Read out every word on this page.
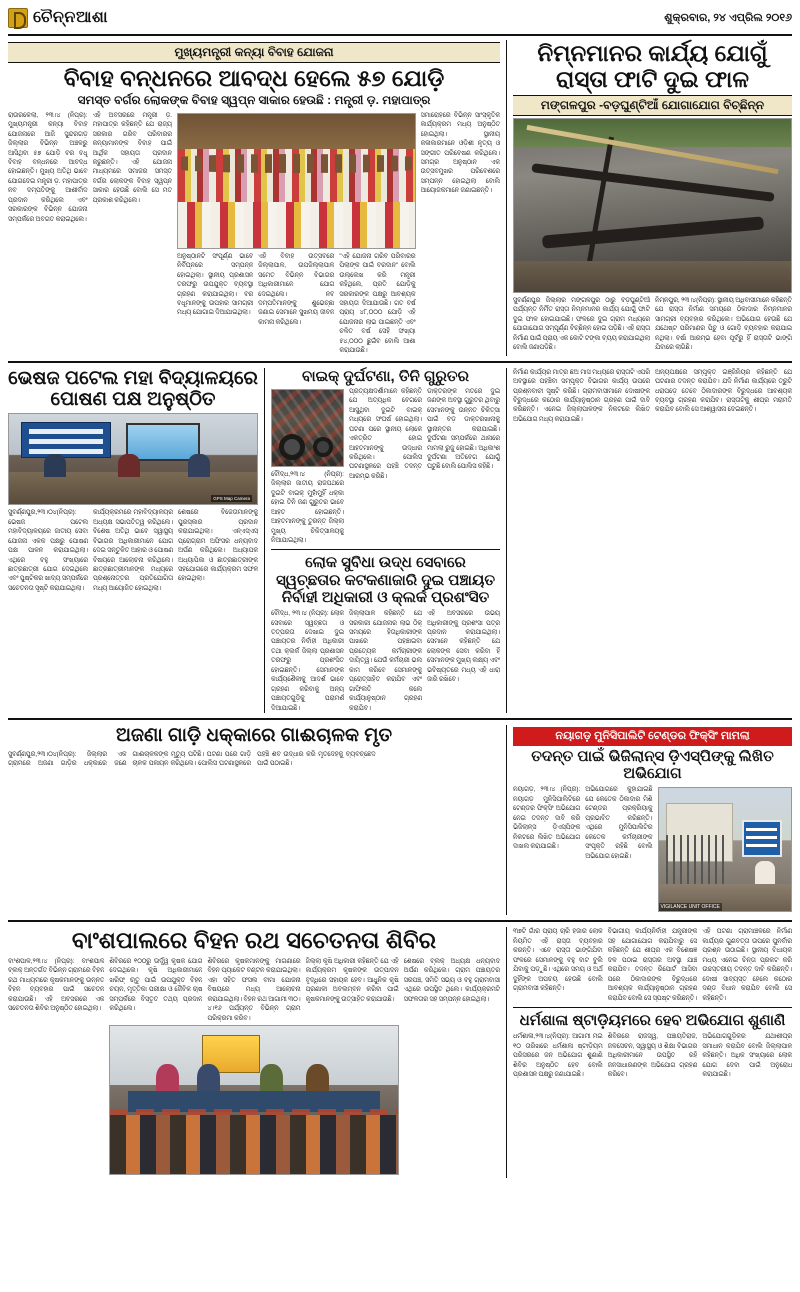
ଚୈନ୍ନଆଶା	ଶୁକ୍ରବାର, ୨୪ ଏପ୍ରିଲ ୨୦୧୬
ମୁଖ୍ୟମନ୍ତ୍ରୀ କନ୍ୟା ବିବାହ ଯୋଜନା
ବିବାହ ବନ୍ଧନରେ ଆବଦ୍ଧ ହେଲେ ୫୭ ଯୋଡ଼ି
ସମସ୍ତ ବର୍ଗର ଲୋକଙ୍କ ବିବାହ ସ୍ୱପ୍ନ ସାକାର ହେଉଛି : ମନ୍ତ୍ରୀ ଡ଼. ମହାପାତ୍ର
ରାଉରକେଲା, ୨୩।୪ (ନିପ୍ର): ମୁଖ୍ୟମନ୍ତ୍ରୀ କନ୍ୟା ବିବାହ ଯୋଜନାରେ ଆଜି ସୁନ୍ଦରଗଡ଼ ଜିଲ୍ଲାର ବିଭିନ୍ନ ଅଞ୍ଚଳରୁ ଆସିଥିବା ୫୭ ଯୋଡ଼ି ବର ବଧୂ ବିବାହ ବନ୍ଧନରେ ଆବଦ୍ଧ ହୋଇଛନ୍ତି। ମୁଖ୍ୟ ଅତିଥି ଭାବେ ଯୋଗଦେଇ ମନ୍ତ୍ରୀ ଡ଼. ମହାପାତ୍ର ନବ ଦମ୍ପତିଙ୍କୁ ଆଶୀର୍ବାଦ ପ୍ରଦାନ କରିଥିଲେ ଏବଂ ସରକାରଙ୍କ ବିଭିନ୍ନ ଯୋଜନା ସମ୍ପର୍କରେ ଅବଗତ କରାଇଥିଲେ।
ଏହି ଅବସରରେ ମନ୍ତ୍ରୀ ଡ଼. ମହାପାତ୍ର କହିଛନ୍ତି ଯେ ରାଜ୍ୟ ସରକାର ଗରିବ ପରିବାରର କନ୍ୟାମାନଙ୍କ ବିବାହ ପାଇଁ ଆର୍ଥିକ ସହାୟତା ପ୍ରଦାନ କରୁଛନ୍ତି। ଏହି ଯୋଜନା ମାଧ୍ୟମରେ ସମାଜର ସମସ୍ତ ବର୍ଗର ଲୋକଙ୍କ ବିବାହ ସ୍ୱପ୍ନ ସାକାର ହେଉଛି ବୋଲି ସେ ମତ ପ୍ରକାଶ କରିଥିଲେ।
ଅନୁଷ୍ଠାନଟି ସଂପୂର୍ଣ୍ଣ ଭାବେ ନିର୍ବିଘ୍ନରେ ସମ୍ପନ୍ନ ହୋଇଥିଲା। ସ୍ଥାନୀୟ ପ୍ରଶାସନ ତରଫରୁ ଉପଯୁକ୍ତ ବ୍ୟବସ୍ଥା ଗ୍ରହଣ କରାଯାଇଥିଲା। ବର ବଧୂମାନଙ୍କୁ ଉପହାର ସାମଗ୍ରୀ ମଧ୍ୟ ଯୋଗାଇ ଦିଆଯାଇଥିଲା।
ଏହି ବିବାହ ଉତ୍ସବରେ ଜିଲ୍ଲାପାଳ, ଉପଜିଲ୍ଲାପାଳ ସମେତ ବିଭିନ୍ନ ବିଭାଗର ଅଧିକାରୀମାନେ ଯୋଗ ଦେଇଥିଲେ। ନବ ଦମ୍ପତିମାନଙ୍କୁ ଶୁଭେଚ୍ଛା ଜଣାଇ ସେମାନେ ସୁଖମୟ ଜୀବନ କାମନା କରିଥିଲେ।
"ଏହି ଯୋଜନା ଗରିବ ପରିବାରର ପିଲାଙ୍କ ପାଇଁ ବରଦାନ" ବୋଲି ଉଲ୍ଲେଖ କରି ମନ୍ତ୍ରୀ କହିଥିଲେ, ପ୍ରତି ଯୋଡ଼ିକୁ ସରକାରଙ୍କ ପକ୍ଷରୁ ଆବଶ୍ୟକ ସହାୟତା ଦିଆଯାଉଛି। ଗତ ବର୍ଷ ପ୍ରାୟ ୪୮,୦୦୦ ଯୋଡ଼ି ଏହି ଯୋଜନାର ଲାଭ ପାଇଛନ୍ତି ଏବଂ ଚଳିତ ବର୍ଷ ସେହି ସଂଖ୍ୟା ୫୪,୦୦୦ ଛୁଇଁବ ବୋଲି ଆଶା କରାଯାଉଛି।
ସମାରୋହରେ ବିଭିନ୍ନ ସାଂସ୍କୃତିକ କାର୍ଯ୍ୟକ୍ରମ ମଧ୍ୟ ଅନୁଷ୍ଠିତ ହୋଇଥିଲା। ସ୍ଥାନୀୟ କଳାକାରମାନେ ଓଡ଼ିଶୀ ନୃତ୍ୟ ଓ ସଙ୍ଗୀତ ପରିବେଷଣ କରିଥିଲେ। ସମଗ୍ର ଅନୁଷ୍ଠାନ ଏକ ଉତ୍ସବମୁଖର ପରିବେଶରେ ସମ୍ପନ୍ନ ହୋଇଥିଲା ବୋଲି ଆୟୋଜକମାନେ ଜଣାଇଛନ୍ତି।
ନିମ୍ନମାନର କାର୍ଯ୍ୟ ଯୋଗୁଁ ରାସ୍ତା ଫାଟି ଦୁଇ ଫାଳ
ମଙ୍ଗଳପୁର -ବଡ଼ଘୁଣ୍ଟିଆଁ ଯୋଗାଯୋଗ ବିଚ୍ଛିନ୍ନ
ସୁବର୍ଣ୍ଣପୁର ଜିଲ୍ଲାର ମଙ୍ଗଳପୁର ଠାରୁ ବଡ଼ଘୁଣ୍ଟିଆଁ ପର୍ଯ୍ୟନ୍ତ ନିର୍ମିତ ରାସ୍ତା ନିମ୍ନମାନର କାର୍ଯ୍ୟ ଯୋଗୁଁ ଫାଟି ଦୁଇ ଫାଳ ହୋଇଯାଇଛି। ଫଳରେ ଦୁଇ ଗ୍ରାମ ମଧ୍ୟରେ ଯୋଗାଯୋଗ ସମ୍ପୂର୍ଣ୍ଣ ବିଚ୍ଛିନ୍ନ ହୋଇ ପଡ଼ିଛି। ଏହି ରାସ୍ତା ନିର୍ମାଣ ପାଇଁ ପ୍ରାୟ ଏକ କୋଟି ଟଙ୍କା ବ୍ୟୟ କରାଯାଇଥିଲା ବୋଲି ଜଣାପଡ଼ିଛି।
ନିମ୍ନପୁର, ୨୩।୪(ନିପ୍ର): ସ୍ଥାନୀୟ ଅଧିବାସୀମାନେ କହିଛନ୍ତି ଯେ ରାସ୍ତା ନିର୍ମାଣ ସମୟରେ ଠିକାଦାର ନିମ୍ନମାନର ସାମଗ୍ରୀ ବ୍ୟବହାର କରିଥିଲେ। ଅଭିଯୋଗ ହେଉଛି ଯେ ଯଥେଷ୍ଟ ପରିମାଣର ପିଚୁ ଓ ଗୋଡ଼ି ବ୍ୟବହାର କରାଯାଇ ନଥିଲା। ବର୍ଷା ଆରମ୍ଭ ହେବା ପୂର୍ବରୁ ହିଁ ରାସ୍ତାଟି ଭାଙ୍ଗି ଯିବାରେ ଲାଗିଛି।
ଭେଷଜ ପଟେଲ ମହା ବିଦ୍ୟାଳୟରେ ପୋଷଣ ପକ୍ଷ ଅନୁଷ୍ଠିତ
GPS Map Camera
ସୁବର୍ଣ୍ଣପୁର,୨୩।୦୪(ନିପ୍ର): ଭେଷଜ ପଟେଲ ମହାବିଦ୍ୟାଳୟରେ ଜାତୀୟ ସେବା ଯୋଜନା ଏକକ ପକ୍ଷରୁ ପୋଷଣ ପକ୍ଷ ପାଳନ କରାଯାଇଥିଲା। ଏଥିରେ ବହୁ ସଂଖ୍ୟାରେ ଛାତ୍ରଛାତ୍ରୀ ଯୋଗ ଦେଇଥିଲେ ଏବଂ ପୁଷ୍ଟିକର ଖାଦ୍ୟ ସମ୍ପର୍କରେ ସଚେତନତା ସୃଷ୍ଟି କରାଯାଇଥିଲା।
କାର୍ଯ୍ୟକ୍ରମରେ ମହାବିଦ୍ୟାଳୟର ଅଧ୍ୟକ୍ଷ ସଭାପତିତ୍ୱ କରିଥିଲେ। ବିଶେଷ ଅତିଥି ଭାବେ ସ୍ୱାସ୍ଥ୍ୟ ବିଭାଗର ଅଧିକାରୀମାନେ ଯୋଗ ଦେଇ ସନ୍ତୁଳିତ ଆହାର ଓ ପୋଷଣ ବିଷୟରେ ଆଲୋଚନା କରିଥିଲେ। ଛାତ୍ରଛାତ୍ରୀମାନଙ୍କ ମଧ୍ୟରେ ପ୍ରଶ୍ନୋତ୍ତର ପ୍ରତିଯୋଗିତା ମଧ୍ୟ ଆୟୋଜିତ ହୋଇଥିଲା।
ଶେଷରେ ବିଜେତାମାନଙ୍କୁ ପୁରସ୍କାର ପ୍ରଦାନ କରାଯାଇଥିଲା। ଏନ୍ଏସ୍ଏସ୍ ପ୍ରୋଗ୍ରାମ ଅଫିସର ଧନ୍ୟବାଦ ଅର୍ପଣ କରିଥିଲେ। ଅଧ୍ୟାପକ ଅଧ୍ୟାପିକା ଓ ଛାତ୍ରଛାତ୍ରୀଙ୍କ ସହଯୋଗରେ କାର୍ଯ୍ୟକ୍ରମ ସଫଳ ହୋଇଥିଲା।
ବାଇକ୍ ଦୁର୍ଘଟଣା, ତିନି ଗୁରୁତର
ବୌଦ୍ଧ,୨୩।୪ (ନିପ୍ର): ଜିଲ୍ଲାର ଜାତୀୟ ରାଜପଥରେ ଦୁଇଟି ବାଇକ୍ ମୁହାଁମୁହିଁ ଧକ୍କା ହୋଇ ତିନି ଜଣ ଗୁରୁତର ଭାବେ ଆହତ ହୋଇଛନ୍ତି। ଆହତମାନଙ୍କୁ ତୁରନ୍ତ ଜିଲ୍ଲା ମୁଖ୍ୟ ଚିକିତ୍ସାଳୟକୁ ନିଆଯାଇଥିଲା।
ପ୍ରତ୍ୟକ୍ଷଦର୍ଶୀମାନେ କହିଛନ୍ତି ଯେ ଅତ୍ୟଧିକ ବେଗରେ ଆସୁଥିବା ଦୁଇଟି ବାଇକ୍ ମଧ୍ୟରେ ସଂଘର୍ଷ ହୋଇଥିଲା। ଘଟଣା ପରେ ସ୍ଥାନୀୟ ଲୋକେ ଏକତ୍ରିତ ହୋଇ ଆହତମାନଙ୍କୁ ଉଦ୍ଧାର କରିଥିଲେ। ପୋଲିସ ଘଟଣାସ୍ଥଳରେ ପହଞ୍ଚି ତଦନ୍ତ ଆରମ୍ଭ କରିଛି।
ଡାକ୍ତରଙ୍କ ମତରେ ଦୁଇ ଜଣଙ୍କ ଅବସ୍ଥା ଗୁରୁତର ଥିବାରୁ ସେମାନଙ୍କୁ ଉନ୍ନତ ଚିକିତ୍ସା ପାଇଁ ବଡ଼ ଡାକ୍ତରଖାନାକୁ ସ୍ଥାନାନ୍ତର କରାଯାଇଛି। ଦୁର୍ଘଟଣା ସମ୍ପର୍କରେ ଥାନାରେ ମାମଲା ରୁଜୁ ହୋଇଛି। ଅଧିକାଂଶ ଦୁର୍ଘଟଣା ଅତିବେଗ ଯୋଗୁଁ ଘଟୁଛି ବୋଲି ପୋଲିସ କହିଛି।
ଲୋକ ସୁବିଧା ଉଦ୍ଧ ସେବାରେ ସ୍ୱଚ୍ଛତାର କଟକଣାଜାରି ଦୁଇ ପଞ୍ଚାୟତ ନିର୍ବାହୀ ଅଧିକାରୀ ଓ କ୍ଲର୍କ ପ୍ରଶଂସିତ
ବୌଦ୍ଧ, ୨୩।୪ (ନିପ୍ର): ଲୋକ ସେବାରେ ସ୍ୱଚ୍ଛତା ଓ ତତ୍ପରତା ଦେଖାଇ ଦୁଇ ପଞ୍ଚାୟତର ନିର୍ବାହୀ ଅଧିକାରୀ ତଥା କ୍ଲର୍କ ଜିଲ୍ଲା ପ୍ରଶାସନ ତରଫରୁ ପ୍ରଶଂସିତ ହୋଇଛନ୍ତି। ସେମାନଙ୍କ କାର୍ଯ୍ୟଶୈଳୀକୁ ଆଦର୍ଶ ଭାବେ ଗ୍ରହଣ କରିବାକୁ ଅନ୍ୟ ପଞ୍ଚାୟତଗୁଡ଼ିକୁ ପରାମର୍ଶ ଦିଆଯାଇଛି।
ଜିଲ୍ଲାପାଳ କହିଛନ୍ତି ଯେ ସରକାରୀ ଯୋଜନାର ଲାଭ ଠିକ୍ ସମୟରେ ହିତାଧିକାରୀଙ୍କ ପାଖରେ ପହଞ୍ଚାଇବା ପ୍ରତ୍ୟେକ କର୍ମଚାରୀଙ୍କ ଦାୟିତ୍ୱ। ଯେଉଁ କର୍ମଚାରୀ ଭଲ କାମ କରିବେ ସେମାନଙ୍କୁ ପ୍ରୋତ୍ସାହିତ କରାଯିବ ଏବଂ ଗାଫିଲତି କଲେ କାର୍ଯ୍ୟାନୁଷ୍ଠାନ ଗ୍ରହଣ କରାଯିବ।
ଏହି ଅବସରରେ ଉଭୟ ଅଧିକାରୀଙ୍କୁ ପ୍ରଶଂସା ପତ୍ର ପ୍ରଦାନ କରାଯାଇଥିଲା। ସେମାନେ କହିଛନ୍ତି ଯେ ଲୋକଙ୍କ ସେବା କରିବା ହିଁ ସେମାନଙ୍କ ମୁଖ୍ୟ ଲକ୍ଷ୍ୟ ଏବଂ ଭବିଷ୍ୟତରେ ମଧ୍ୟ ଏହି ଧାରା ଜାରି ରଖିବେ।
ନିର୍ମାଣ କାର୍ଯ୍ୟର ମାତ୍ର ଛଅ ମାସ ମଧ୍ୟରେ ରାସ୍ତାଟି ଏପରି ଅବସ୍ଥାରେ ପହଞ୍ଚିବା ସମ୍ପୃକ୍ତ ବିଭାଗର କାର୍ଯ୍ୟ ଉପରେ ପ୍ରଶ୍ନବାଚୀ ସୃଷ୍ଟି କରିଛି। ଗ୍ରାମବାସୀମାନେ ଦୋଷୀଙ୍କ ବିରୁଦ୍ଧରେ କଠୋର କାର୍ଯ୍ୟାନୁଷ୍ଠାନ ଗ୍ରହଣ ପାଇଁ ଦାବି କରିଛନ୍ତି। ଏନେଇ ଜିଲ୍ଲାପାଳଙ୍କ ନିକଟରେ ଲିଖିତ ଅଭିଯୋଗ ମଧ୍ୟ କରାଯାଇଛି।
ଅନ୍ୟପକ୍ଷରେ ସମ୍ପୃକ୍ତ ଇଞ୍ଜିନିୟର କହିଛନ୍ତି ଯେ ଘଟଣାର ତଦନ୍ତ କରାଯିବ। ଯଦି ନିର୍ମାଣ କାର୍ଯ୍ୟରେ ତ୍ରୁଟି ଧରାପଡ଼େ ତେବେ ଠିକାଦାରଙ୍କ ବିରୁଦ୍ଧରେ ଆବଶ୍ୟକ ବ୍ୟବସ୍ଥା ଗ୍ରହଣ କରାଯିବ। ରାସ୍ତାଟିକୁ ଶୀଘ୍ର ମରାମତି କରାଯିବ ବୋଲି ସେ ଆଶ୍ୱାସନା ଦେଇଛନ୍ତି।
ଅଜଣା ଗାଡ଼ି ଧକ୍କାରେ ଗାଈଚାଳକ ମୃତ
ସୁବର୍ଣ୍ଣପୁର,୨୩।୦୪(ନିପ୍ର): ଜିଲ୍ଲାର ଏକ ଗ୍ରାମରେ ଅଜଣା ଗାଡ଼ିର ଧକ୍କାରେ ଜଣେ ଗାଈଚାଳକଙ୍କ ମୃତ୍ୟୁ ଘଟିଛି। ଘଟଣା ପରେ ଗାଡ଼ି ଚାଳକ ପଳାୟନ କରିଥିଲେ। ପୋଲିସ ଘଟଣାସ୍ଥଳରେ ପହଞ୍ଚି ଶବ ଉଦ୍ଧାର କରି ମୃତଦେହକୁ ବ୍ୟବଚ୍ଛେଦ ପାଇଁ ପଠାଇଛି।
ନୟାଗଡ଼ ମୁନିସିପାଲିଟି ଟେଣ୍ଡର ଫିକ୍ସିଂ ମାମଲା
ତଦନ୍ତ ପାଇଁ ଭିଜିଲାନ୍ସ ଡ଼ିଏସ୍ପିଙ୍କୁ ଲିଖିତ ଅଭିଯୋଗ
ନୟାଗଡ଼, ୨୩।୪ (ନିପ୍ର): ନୟାଗଡ଼ ମୁନିସିପାଲିଟିରେ ଟେଣ୍ଡର ଫିକ୍ସିଂ ଅଭିଯୋଗ ନେଇ ତଦନ୍ତ ଦାବି କରି ଭିଜିଲାନ୍ସ ଡ଼ିଏସ୍ପିଙ୍କ ନିକଟରେ ଲିଖିତ ଅଭିଯୋଗ ଦାଖଲ କରାଯାଇଛି।
ଅଭିଯୋଗରେ କୁହାଯାଇଛି ଯେ କେତେକ ଠିକାଦାର ମିଶି ଟେଣ୍ଡର ପ୍ରକ୍ରିୟାକୁ ପ୍ରଭାବିତ କରିଛନ୍ତି। ଏଥିରେ ମୁନିସିପାଲିଟିର କେତେକ କର୍ମଚାରୀଙ୍କ ସଂପୃକ୍ତି ରହିଛି ବୋଲି ଅଭିଯୋଗ ହୋଇଛି।
VIGILANCE UNIT OFFICE
ବାଂଶପାଲରେ ବିହନ ରଥ ସଚେତନତା ଶିବିର
ବାଂଶପାଳ,୨୩।୪ (ନିପ୍ର): ବାଂଶପାଳ ବ୍ଲକ୍ ଅନ୍ତର୍ଗତ ବିଭିନ୍ନ ଗ୍ରାମରେ ବିହନ ରଥ ମାଧ୍ୟମରେ କୃଷକମାନଙ୍କୁ ଉନ୍ନତ ବିହନ ବ୍ୟବହାର ପାଇଁ ସଚେତନ କରାଯାଉଛି। ଏହି ଅବସରରେ ଏକ ସଚେତନତା ଶିବିର ଅନୁଷ୍ଠିତ ହୋଇଥିଲା।
ଶିବିରରେ ୧୦୦ରୁ ଊର୍ଦ୍ଧ୍ୱ କୃଷକ ଯୋଗ ଦେଇଥିଲେ। କୃଷି ଅଧିକାରୀମାନେ ଖରିଫ୍ ଋତୁ ପାଇଁ ଉପଯୁକ୍ତ ବିହନ ଚୟନ, ମୃତ୍ତିକା ପରୀକ୍ଷା ଓ ଜୈବିକ ଚାଷ ସମ୍ପର୍କରେ ବିସ୍ତୃତ ତଥ୍ୟ ପ୍ରଦାନ କରିଥିଲେ।
ଶିବିରରେ କୃଷକମାନଙ୍କୁ ମାଗଣାରେ ବିହନ ପ୍ୟାକେଟ ବଣ୍ଟନ କରାଯାଇଥିଲା। ଏହା ସହିତ ଫସଲ ବୀମା ଯୋଜନା ବିଷୟରେ ମଧ୍ୟ ଆଲୋଚନା କରାଯାଇଥିଲା। ବିହନ ରଥ ଆଗାମୀ ୩୦।୪।୧୬ ପର୍ଯ୍ୟନ୍ତ ବିଭିନ୍ନ ଗ୍ରାମ ପରିକ୍ରମା କରିବ।
ଜିଲ୍ଲା କୃଷି ଅଧିକାରୀ କହିଛନ୍ତି ଯେ ଏହି କାର୍ଯ୍ୟକ୍ରମ କୃଷକଙ୍କ ଉତ୍ପାଦନ ବୃଦ୍ଧିରେ ସହାୟକ ହେବ। ଆଧୁନିକ କୃଷି ପ୍ରଣାଳୀ ଅବଲମ୍ବନ କରିବା ପାଇଁ କୃଷକମାନଙ୍କୁ ଉତ୍ସାହିତ କରାଯାଉଛି।
ଶେଷରେ ବ୍ଲକ୍ ଅଧ୍ୟକ୍ଷ ଧନ୍ୟବାଦ ଅର୍ପଣ କରିଥିଲେ। ଗ୍ରାମ ପଞ୍ଚାୟତର ସରପଞ୍ଚ, ସମିତି ସଭ୍ୟ ଓ ବହୁ ଗ୍ରାମବାସୀ ଏଥିରେ ଉପସ୍ଥିତ ଥିଲେ। କାର୍ଯ୍ୟକ୍ରମଟି ସଫଳତାର ସହ ସମ୍ପନ୍ନ ହୋଇଥିଲା।
୩୭ଟି ଗାଁର ପ୍ରାୟ ଚାରି ହଜାର ଲୋକ ନିୟମିତ ଏହି ରାସ୍ତା ବ୍ୟବହାର କରନ୍ତି। ଏବେ ରାସ୍ତା ଭାଙ୍ଗିଯିବା ଫଳରେ ସେମାନଙ୍କୁ ବହୁ ବାଟ ବୁଲି ଯିବାକୁ ପଡ଼ୁଛି। ଏଥିରେ ସମୟ ଓ ଅର୍ଥ ଦୁହିଁଙ୍କ ଅପଚୟ ହେଉଛି ବୋଲି ଗ୍ରାମବାସୀ କହିଛନ୍ତି।
ବିଭାଗୀୟ କାର୍ଯ୍ୟନିର୍ବାହୀ ଯନ୍ତ୍ରୀଙ୍କ ସହ ଯୋଗାଯୋଗ କରାଯିବାରୁ ସେ କହିଛନ୍ତି ଯେ ଶୀଘ୍ର ଏକ ବିଶେଷଜ୍ଞ ଦଳ ପଠାଇ ରାସ୍ତାର ଅବସ୍ଥା ଯାଞ୍ଚ କରାଯିବ। ତଦନ୍ତ ରିପୋର୍ଟ ଆସିବା ପରେ ଠିକାଦାରଙ୍କ ବିରୁଦ୍ଧରେ ଆବଶ୍ୟକ କାର୍ଯ୍ୟାନୁଷ୍ଠାନ ଗ୍ରହଣ କରାଯିବ ବୋଲି ସେ ସ୍ପଷ୍ଟ କରିଛନ୍ତି।
ଏହି ଘଟଣା ଗ୍ରାମାଞ୍ଚଳରେ ନିର୍ମାଣ କାର୍ଯ୍ୟର ଗୁଣବତ୍ତା ଉପରେ ପୁନର୍ବାର ପ୍ରଶ୍ନ ଉଠାଇଛି। ସ୍ଥାନୀୟ ବିଧାୟକ ମଧ୍ୟ ଏନେଇ ଚିନ୍ତା ପ୍ରକଟ କରି ଉଚ୍ଚସ୍ତରୀୟ ତଦନ୍ତ ଦାବି କରିଛନ୍ତି। ଦୋଷୀ ସାବ୍ୟସ୍ତ ହେଲେ କଠୋର ଦଣ୍ଡ ବିଧାନ କରାଯିବ ବୋଲି ସେ କହିଛନ୍ତି।
ଧର୍ମଶାଳା ଷ୍ଟାଡ଼ିୟମରେ ହେବ ଅଭିଯୋଗ ଶୁଣାଣି
ଧର୍ମଶାଳା,୨୩।୪(ନିପ୍ର): ଆଗାମୀ ମଇ ୧୦ ତାରିଖରେ ଧର୍ମଶାଳା ଷ୍ଟାଡ଼ିୟମ ପରିସରରେ ଜନ ଅଭିଯୋଗ ଶୁଣାଣି ଶିବିର ଅନୁଷ୍ଠିତ ହେବ ବୋଲି ପ୍ରଶାସନ ପକ୍ଷରୁ ଜଣାଯାଇଛି।
ଶିବିରରେ ରାଜସ୍ୱ, ପଞ୍ଚାୟତିରାଜ, ଜଳସେଚନ, ସ୍ୱାସ୍ଥ୍ୟ ଓ ଶିକ୍ଷା ବିଭାଗର ଅଧିକାରୀମାନେ ଉପସ୍ଥିତ ରହି ଜନସାଧାରଣଙ୍କ ଅଭିଯୋଗ ଗ୍ରହଣ କରିବେ।
ଅଭିଯୋଗଗୁଡ଼ିକର ଯଥାଶୀଘ୍ର ସମାଧାନ କରାଯିବ ବୋଲି ଜିଲ୍ଲାପାଳ କହିଛନ୍ତି। ଅଧିକ ସଂଖ୍ୟାରେ ଲୋକ ଯୋଗ ଦେବା ପାଇଁ ଅନୁରୋଧ କରାଯାଇଛି।
